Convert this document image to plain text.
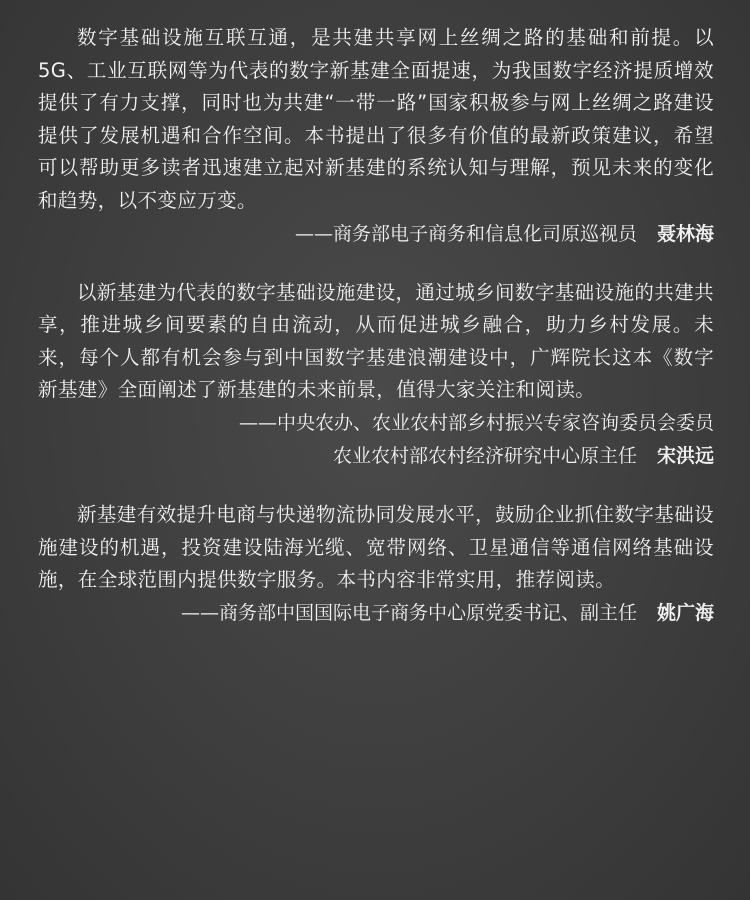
数字基础设施互联互通，是共建共享网上丝绸之路的基础和前提。以5G、工业互联网等为代表的数字新基建全面提速，为我国数字经济提质增效提供了有力支撑，同时也为共建“一带一路”国家积极参与网上丝绸之路建设提供了发展机遇和合作空间。本书提出了很多有价值的最新政策建议，希望可以帮助更多读者迅速建立起对新基建的系统认知与理解，预见未来的变化和趋势，以不变应万变。

——商务部电子商务和信息化司原巡视员 聂林海

以新基建为代表的数字基础设施建设，通过城乡间数字基础设施的共建共享，推进城乡间要素的自由流动，从而促进城乡融合，助力乡村发展。未来，每个人都有机会参与到中国数字基建浪潮建设中，广辉院长这本《数字新基建》全面阐述了新基建的未来前景，值得大家关注和阅读。

——中央农办、农业农村部乡村振兴专家咨询委员会委员

农业农村部农村经济研究中心原主任 宋洪远

新基建有效提升电商与快递物流协同发展水平，鼓励企业抓住数字基础设施建设的机遇，投资建设陆海光缆、宽带网络、卫星通信等通信网络基础设施，在全球范围内提供数字服务。本书内容非常实用，推荐阅读。

——商务部中国国际电子商务中心原党委书记、副主任 姚广海
